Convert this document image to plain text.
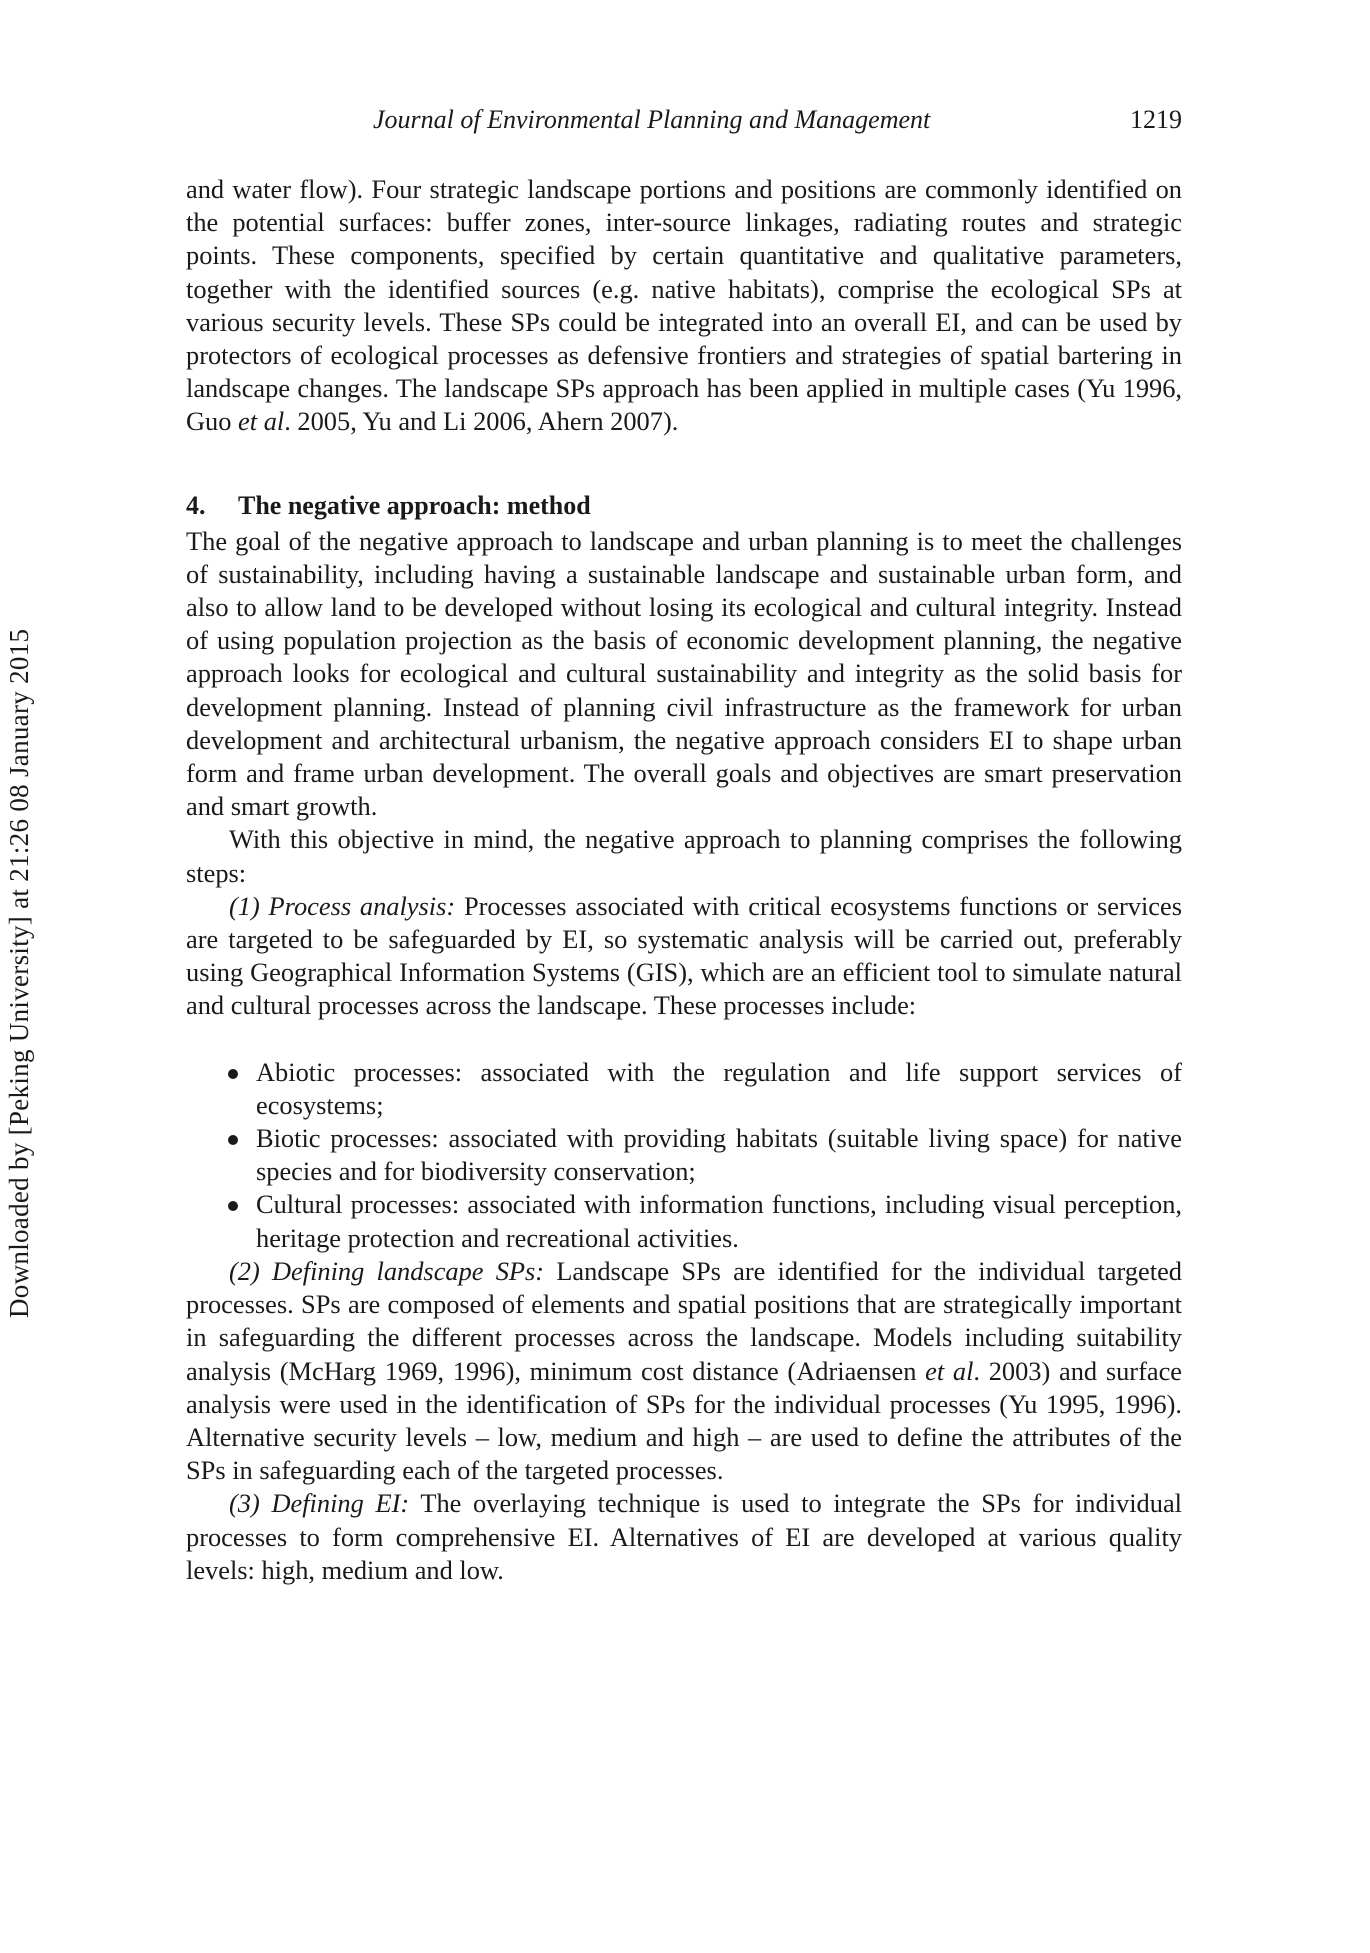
Downloaded by [Peking University] at 21:26 08 January 2015
Journal of Environmental Planning and Management	1219

and water flow). Four strategic landscape portions and positions are commonly identified on the potential surfaces: buffer zones, inter-source linkages, radiating routes and strategic points. These components, specified by certain quantitative and qualitative parameters, together with the identified sources (e.g. native habitats), comprise the ecological SPs at various security levels. These SPs could be integrated into an overall EI, and can be used by protectors of ecological processes as defensive frontiers and strategies of spatial bartering in landscape changes. The landscape SPs approach has been applied in multiple cases (Yu 1996, Guo et al. 2005, Yu and Li 2006, Ahern 2007).

4. The negative approach: method

The goal of the negative approach to landscape and urban planning is to meet the challenges of sustainability, including having a sustainable landscape and sustainable urban form, and also to allow land to be developed without losing its ecological and cultural integrity. Instead of using population projection as the basis of economic development planning, the negative approach looks for ecological and cultural sustainability and integrity as the solid basis for development planning. Instead of planning civil infrastructure as the framework for urban development and architectural urbanism, the negative approach considers EI to shape urban form and frame urban development. The overall goals and objectives are smart preservation and smart growth.

With this objective in mind, the negative approach to planning comprises the following steps:

(1) Process analysis: Processes associated with critical ecosystems functions or services are targeted to be safeguarded by EI, so systematic analysis will be carried out, preferably using Geographical Information Systems (GIS), which are an efficient tool to simulate natural and cultural processes across the landscape. These processes include:

Abiotic processes: associated with the regulation and life support services of ecosystems;
Biotic processes: associated with providing habitats (suitable living space) for native species and for biodiversity conservation;
Cultural processes: associated with information functions, including visual perception, heritage protection and recreational activities.

(2) Defining landscape SPs: Landscape SPs are identified for the individual targeted processes. SPs are composed of elements and spatial positions that are strategically important in safeguarding the different processes across the landscape. Models including suitability analysis (McHarg 1969, 1996), minimum cost distance (Adriaensen et al. 2003) and surface analysis were used in the identification of SPs for the individual processes (Yu 1995, 1996). Alternative security levels – low, medium and high – are used to define the attributes of the SPs in safeguarding each of the targeted processes.

(3) Defining EI: The overlaying technique is used to integrate the SPs for individual processes to form comprehensive EI. Alternatives of EI are developed at various quality levels: high, medium and low.
